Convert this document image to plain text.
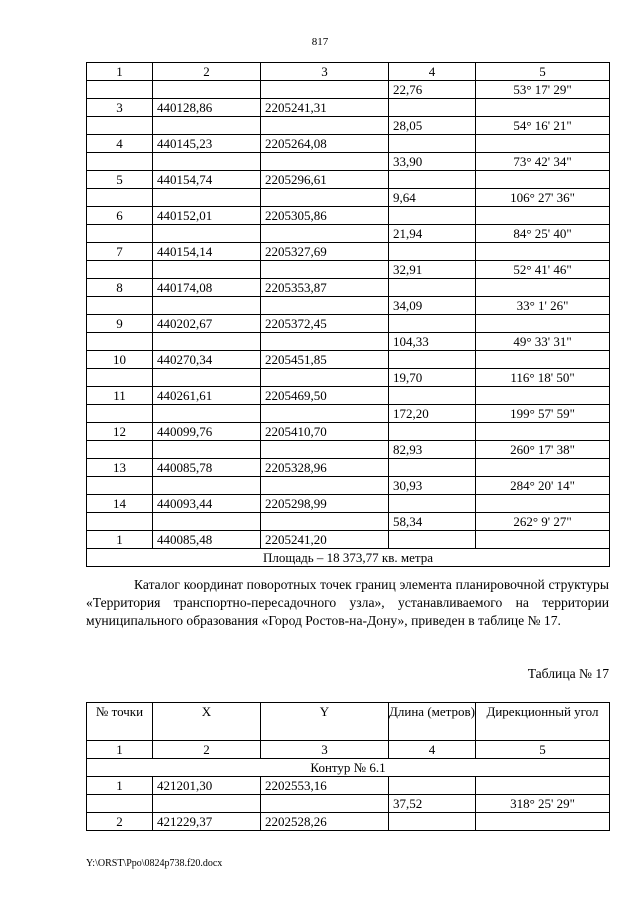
817
1	2	3	4	5
			22,76	53° 17' 29"
3	440128,86	2205241,31		
			28,05	54° 16' 21"
4	440145,23	2205264,08		
			33,90	73° 42' 34"
5	440154,74	2205296,61		
			9,64	106° 27' 36"
6	440152,01	2205305,86		
			21,94	84° 25' 40"
7	440154,14	2205327,69		
			32,91	52° 41' 46"
8	440174,08	2205353,87		
			34,09	33° 1' 26"
9	440202,67	2205372,45		
			104,33	49° 33' 31"
10	440270,34	2205451,85		
			19,70	116° 18' 50"
11	440261,61	2205469,50		
			172,20	199° 57' 59"
12	440099,76	2205410,70		
			82,93	260° 17' 38"
13	440085,78	2205328,96		
			30,93	284° 20' 14"
14	440093,44	2205298,99		
			58,34	262° 9' 27"
1	440085,48	2205241,20		
Площадь – 18 373,77 кв. метра				

Каталог координат поворотных точек границ элемента планировочной структуры «Территория транспортно-пересадочного узла», устанавливаемого на территории муниципального образования «Город Ростов-на-Дону», приведен в таблице № 17.

Таблица № 17
№ точки	X	Y	Длина (метров)	Дирекционный угол
1	2	3	4	5
Контур № 6.1				
1	421201,30	2202553,16		
			37,52	318° 25' 29"
2	421229,37	2202528,26		
Y:\ORST\Ppo\0824p738.f20.docx
